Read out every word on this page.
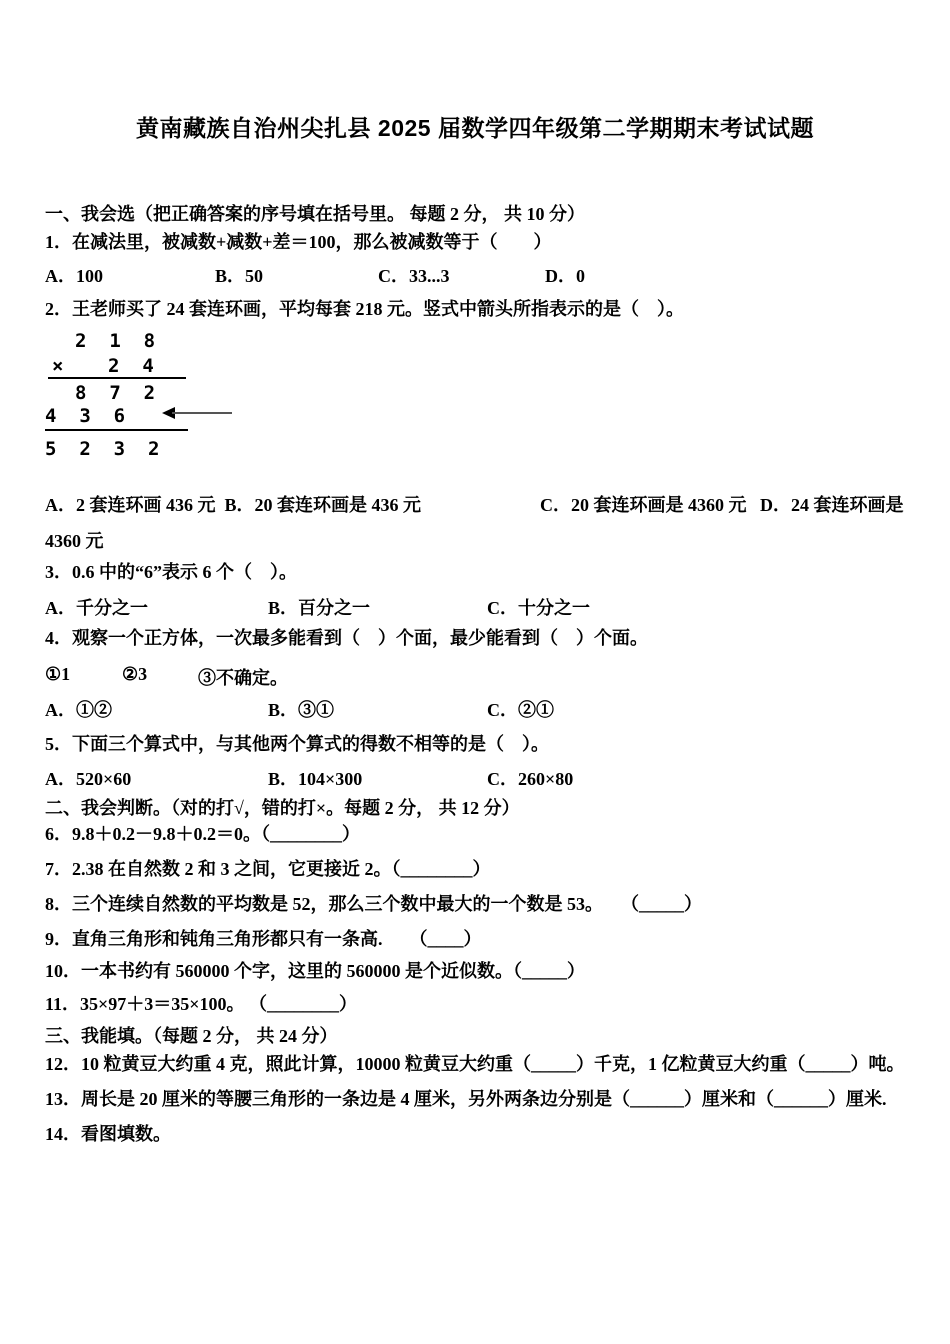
黄南藏族自治州尖扎县 2025 届数学四年级第二学期期末考试试题
一、我会选（把正确答案的序号填在括号里。 每题 2 分， 共 10 分）
1．在减法里，被减数+减数+差＝100，那么被减数等于（　　）
A．100	B．50	C．33...3	D．0
2．王老师买了 24 套连环画，平均每套 218 元。竖式中箭头所指表示的是（　）。
2  1  8
× 2  4
8  7  2
4  3  6
5  2  3  2
A．2 套连环画 436 元  B．20 套连环画是 436 元	C．20 套连环画是 4360 元   D．24 套连环画是
4360 元
3．0.6 中的“6”表示 6 个（　）。
A．千分之一	B．百分之一	C．十分之一
4．观察一个正方体，一次最多能看到（　）个面，最少能看到（　）个面。
①1	②3	③不确定。
A．①②	B．③①	C．②①
5．下面三个算式中，与其他两个算式的得数不相等的是（　）。
A．520×60	B．104×300	C．260×80
二、我会判断。（对的打√，错的打×。每题 2 分， 共 12 分）
6．9.8＋0.2－9.8＋0.2＝0。（________）
7．2.38 在自然数 2 和 3 之间，它更接近 2。（________）
8．三个连续自然数的平均数是 52，那么三个数中最大的一个数是 53。　　（_____）
9．直角三角形和钝角三角形都只有一条高.　　（____）
10．一本书约有 560000 个字，这里的 560000 是个近似数。（_____）
11．35×97＋3＝35×100。 （________）
三、我能填。（每题 2 分， 共 24 分）
12．10 粒黄豆大约重 4 克，照此计算，10000 粒黄豆大约重（_____）千克，1 亿粒黄豆大约重（_____）吨。
13．周长是 20 厘米的等腰三角形的一条边是 4 厘米，另外两条边分别是（______）厘米和（______）厘米.
14．看图填数。
